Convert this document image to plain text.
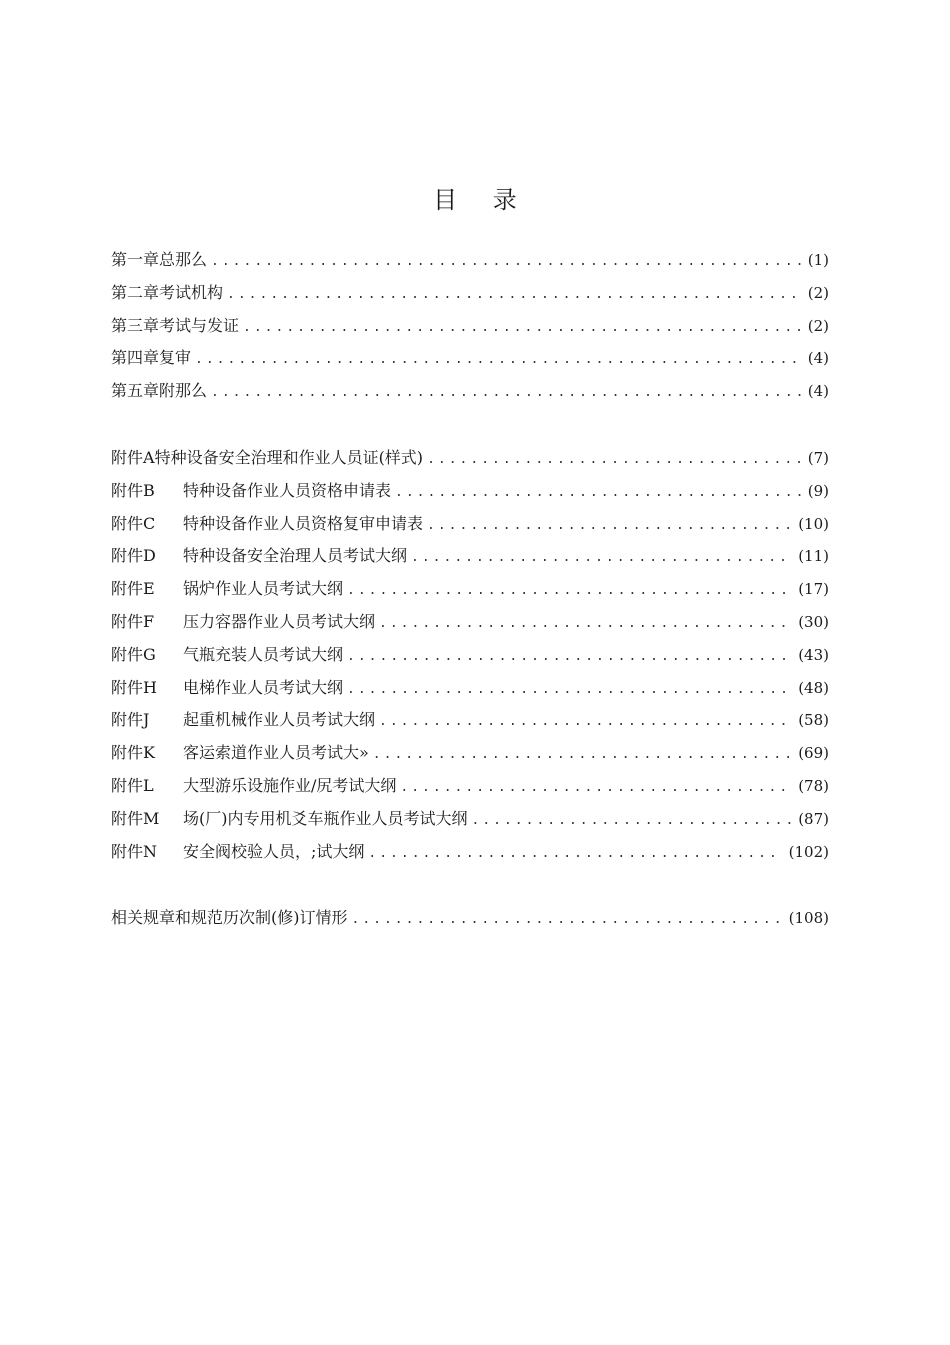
目 录
第一章总那么 .....	(1)
第二章考试机构 .....	(2)
第三章考试与发证 .....	(2)
第四章复审 .....	(4)
第五章附那么 .....	(4)
附件A 特种设备安全治理和作业人员证(样式) .....	(7)
附件B	特种设备作业人员资格申请表 .....	(9)
附件C	特种设备作业人员资格复审申请表 .....	(10)
附件D	特种设备安全治理人员考试大纲 .....	(11)
附件E	锅炉作业人员考试大纲 .....	(17)
附件F	压力容器作业人员考试大纲 .....	(30)
附件G	气瓶充装人员考试大纲 .....	(43)
附件H	电梯作业人员考试大纲 .....	(48)
附件J	起重机械作业人员考试大纲 .....	(58)
附件K	客运索道作业人员考试大» .....	(69)
附件L	大型游乐设施作业/尻考试大纲 .....	(78)
附件M	场(厂)内专用机爻车瓶作业人员考试大纲 .....	(87)
附件N	安全阀校验人员，;试大纲 .....	(102)
相关规章和规范历次制(修)订情形 .....	(108)
